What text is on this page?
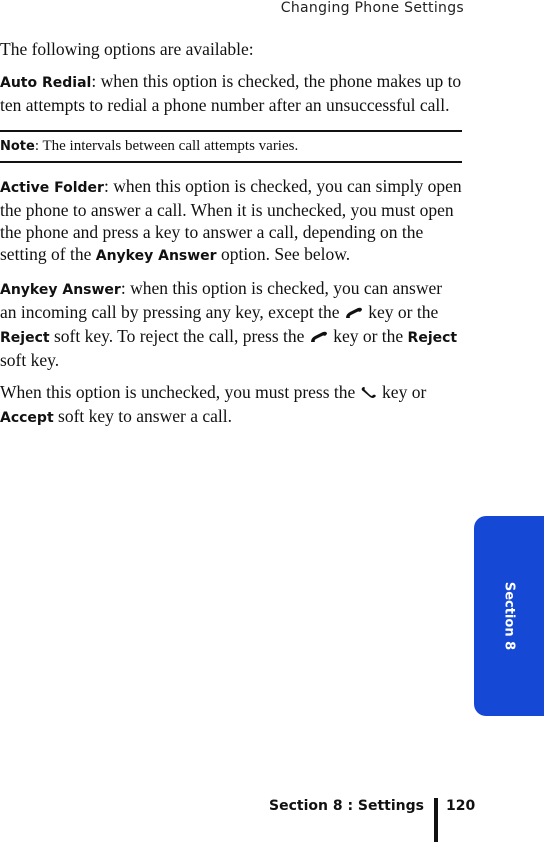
Changing Phone Settings

The following options are available:

Auto Redial: when this option is checked, the phone makes up to ten attempts to redial a phone number after an unsuccessful call.

Note: The intervals between call attempts varies.

Active Folder: when this option is checked, you can simply open the phone to answer a call. When it is unchecked, you must open the phone and press a key to answer a call, depending on the setting of the Anykey Answer option. See below.

Anykey Answer: when this option is checked, you can answer an incoming call by pressing any key, except the  key or the Reject soft key. To reject the call, press the  key or the Reject soft key.

When this option is unchecked, you must press the  key or Accept soft key to answer a call.

Section 8
Section 8 : Settings 120
